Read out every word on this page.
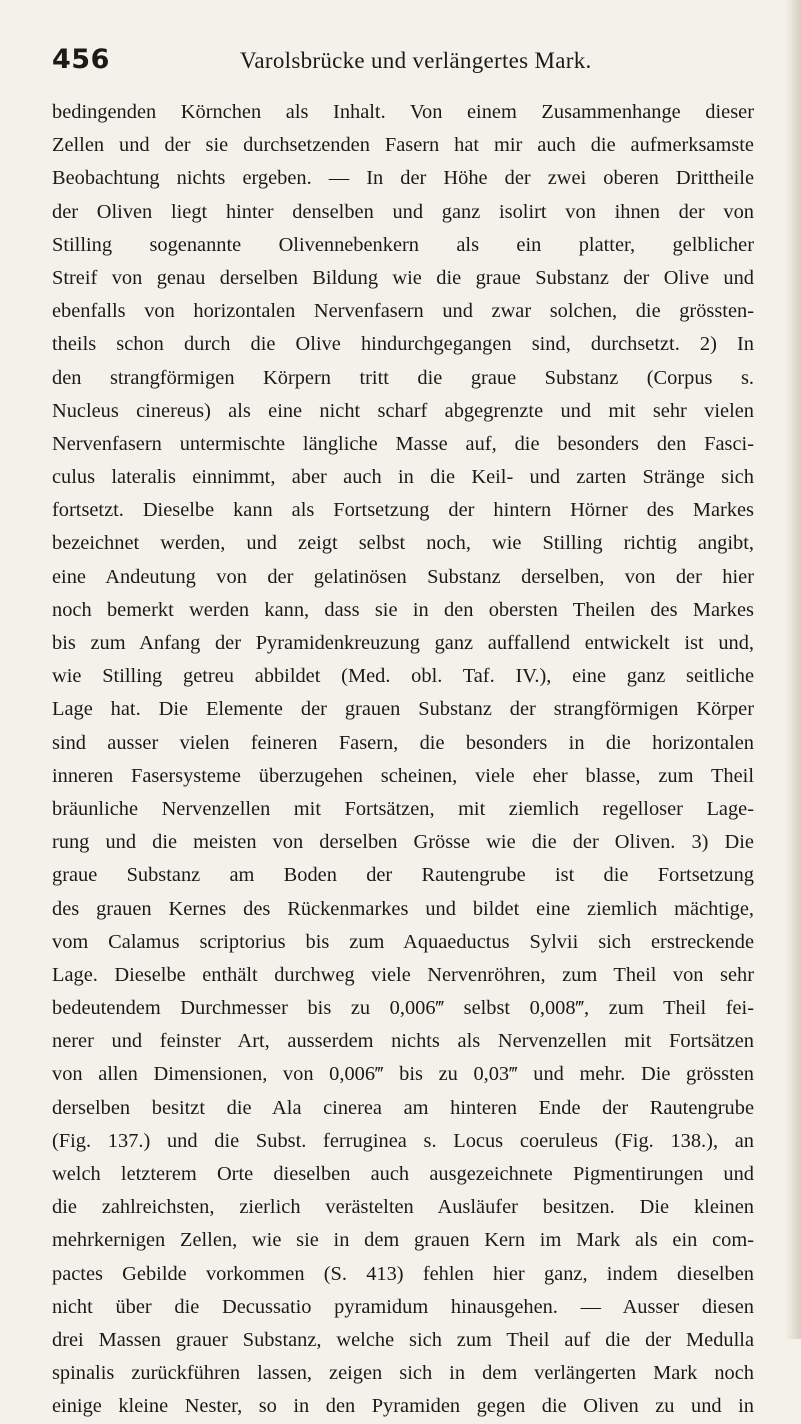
456	Varolsbrücke und verlängertes Mark.
bedingenden Körnchen als Inhalt. Von einem Zusammenhange dieser
Zellen und der sie durchsetzenden Fasern hat mir auch die aufmerksamste
Beobachtung nichts ergeben. — In der Höhe der zwei oberen Drittheile
der Oliven liegt hinter denselben und ganz isolirt von ihnen der von
Stilling sogenannte Olivennebenkern als ein platter, gelblicher
Streif von genau derselben Bildung wie die graue Substanz der Olive und
ebenfalls von horizontalen Nervenfasern und zwar solchen, die grössten-
theils schon durch die Olive hindurchgegangen sind, durchsetzt. 2) In
den strangförmigen Körpern tritt die graue Substanz (Corpus s.
Nucleus cinereus) als eine nicht scharf abgegrenzte und mit sehr vielen
Nervenfasern untermischte längliche Masse auf, die besonders den Fasci-
culus lateralis einnimmt, aber auch in die Keil- und zarten Stränge sich
fortsetzt. Dieselbe kann als Fortsetzung der hintern Hörner des Markes
bezeichnet werden, und zeigt selbst noch, wie Stilling richtig angibt,
eine Andeutung von der gelatinösen Substanz derselben, von der hier
noch bemerkt werden kann, dass sie in den obersten Theilen des Markes
bis zum Anfang der Pyramidenkreuzung ganz auffallend entwickelt ist und,
wie Stilling getreu abbildet (Med. obl. Taf. IV.), eine ganz seitliche
Lage hat. Die Elemente der grauen Substanz der strangförmigen Körper
sind ausser vielen feineren Fasern, die besonders in die horizontalen
inneren Fasersysteme überzugehen scheinen, viele eher blasse, zum Theil
bräunliche Nervenzellen mit Fortsätzen, mit ziemlich regelloser Lage-
rung und die meisten von derselben Grösse wie die der Oliven. 3) Die
graue Substanz am Boden der Rautengrube ist die Fortsetzung
des grauen Kernes des Rückenmarkes und bildet eine ziemlich mächtige,
vom Calamus scriptorius bis zum Aquaeductus Sylvii sich erstreckende
Lage. Dieselbe enthält durchweg viele Nervenröhren, zum Theil von sehr
bedeutendem Durchmesser bis zu 0,006‴ selbst 0,008‴, zum Theil fei-
nerer und feinster Art, ausserdem nichts als Nervenzellen mit Fortsätzen
von allen Dimensionen, von 0,006‴ bis zu 0,03‴ und mehr. Die grössten
derselben besitzt die Ala cinerea am hinteren Ende der Rautengrube
(Fig. 137.) und die Subst. ferruginea s. Locus coeruleus (Fig. 138.), an
welch letzterem Orte dieselben auch ausgezeichnete Pigmentirungen und
die zahlreichsten, zierlich verästelten Ausläufer besitzen. Die kleinen
mehrkernigen Zellen, wie sie in dem grauen Kern im Mark als ein com-
pactes Gebilde vorkommen (S. 413) fehlen hier ganz, indem dieselben
nicht über die Decussatio pyramidum hinausgehen. — Ausser diesen
drei Massen grauer Substanz, welche sich zum Theil auf die der Medulla
spinalis zurückführen lassen, zeigen sich in dem verlängerten Mark noch
einige kleine Nester, so in den Pyramiden gegen die Oliven zu und in
